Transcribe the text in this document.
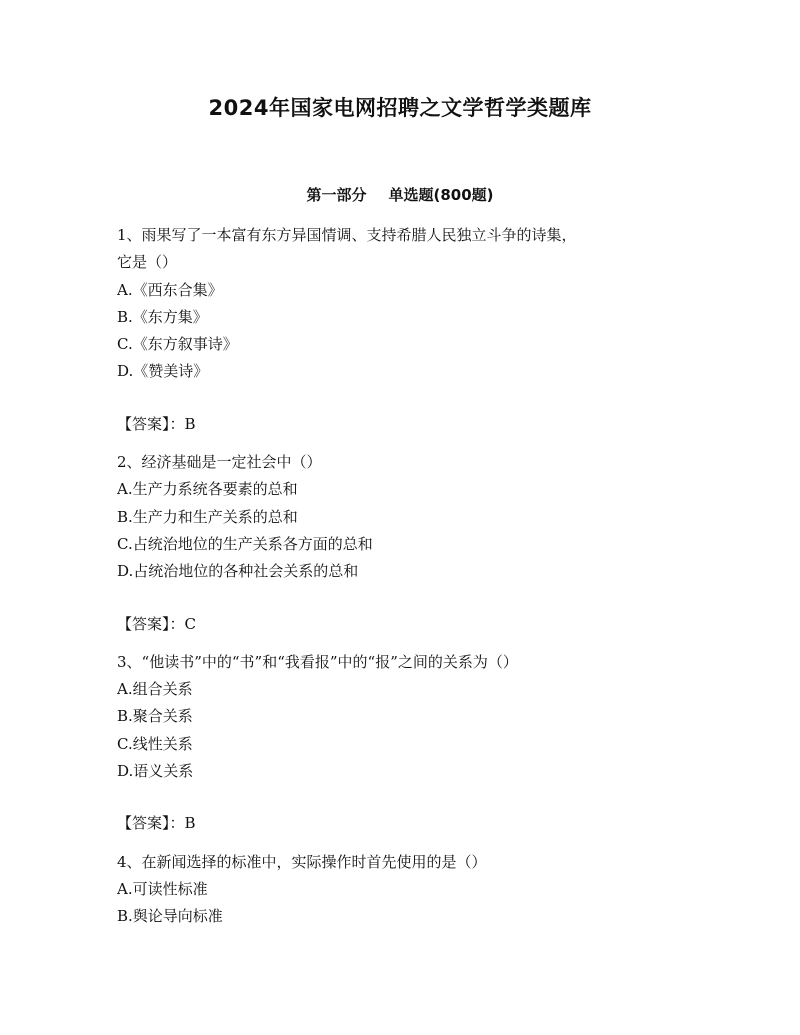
2024年国家电网招聘之文学哲学类题库
第一部分 单选题(800题)
1、雨果写了一本富有东方异国情调、支持希腊人民独立斗争的诗集，
它是（）
A.《西东合集》
B.《东方集》
C.《东方叙事诗》
D.《赞美诗》
【答案】：B
2、经济基础是一定社会中（）
A.生产力系统各要素的总和
B.生产力和生产关系的总和
C.占统治地位的生产关系各方面的总和
D.占统治地位的各种社会关系的总和
【答案】：C
3、“他读书”中的“书”和“我看报”中的“报”之间的关系为（）
A.组合关系
B.聚合关系
C.线性关系
D.语义关系
【答案】：B
4、在新闻选择的标准中，实际操作时首先使用的是（）
A.可读性标准
B.舆论导向标准
